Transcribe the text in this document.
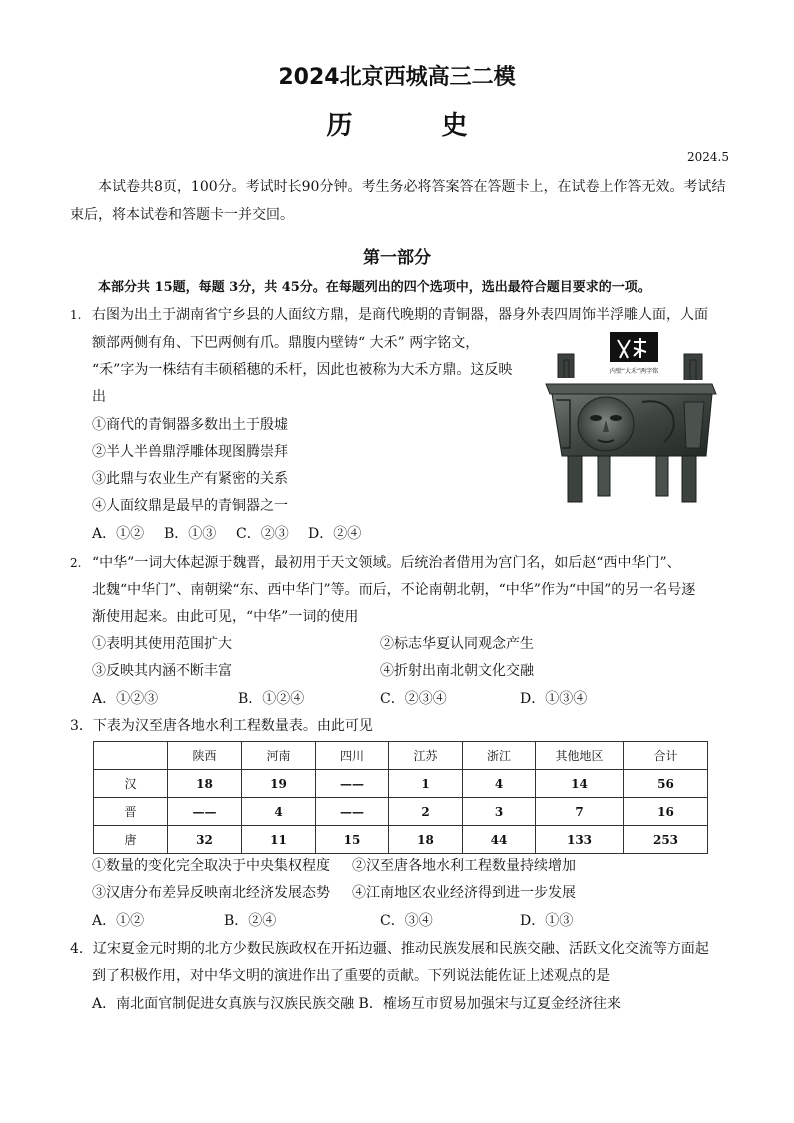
2024北京西城高三二模
历 史
2024.5
本试卷共8页，100分。考试时长90分钟。考生务必将答案答在答题卡上，在试卷上作答无效。考试结
束后，将本试卷和答题卡一并交回。
第一部分
本部分共 15题，每题 3分，共 45分。在每题列出的四个选项中，选出最符合题目要求的一项。
1. 右图为出土于湖南省宁乡县的人面纹方鼎，是商代晚期的青铜器，器身外表四周饰半浮雕人面，人面
额部两侧有角、下巴两侧有爪。鼎腹内壁铸“ 大禾” 两字铭文，
“禾”字为一株结有丰硕稻穗的禾杆，因此也被称为大禾方鼎。这反映
出
①商代的青铜器多数出土于殷墟
②半人半兽鼎浮雕体现图腾崇拜
③此鼎与农业生产有紧密的关系
④人面纹鼎是最早的青铜器之一
A．①② B．①③ C．②③ D．②④
内壁“大禾”两字铭
2. “中华”一词大体起源于魏晋，最初用于天文领域。后统治者借用为宫门名，如后赵“西中华门”、
北魏“中华门”、南朝梁“东、西中华门”等。而后，不论南朝北朝，“中华”作为“中国”的另一名号逐
渐使用起来。由此可见，“中华”一词的使用
①表明其使用范围扩大	②标志华夏认同观念产生
③反映其内涵不断丰富	④折射出南北朝文化交融
A．①②③	B．①②④	C．②③④	D．①③④
3．下表为汉至唐各地水利工程数量表。由此可见
	陕西	河南	四川	江苏	浙江	其他地区	合计
汉	18	19	——	1	4	14	56
晋	——	4	——	2	3	7	16
唐	32	11	15	18	44	133	253
①数量的变化完全取决于中央集权程度 ②汉至唐各地水利工程数量持续增加
③汉唐分布差异反映南北经济发展态势 ④江南地区农业经济得到进一步发展
A．①②	B．②④	C．③④	D．①③
4．辽宋夏金元时期的北方少数民族政权在开拓边疆、推动民族发展和民族交融、活跃文化交流等方面起
到了积极作用，对中华文明的演进作出了重要的贡献。下列说法能佐证上述观点的是
A．南北面官制促进女真族与汉族民族交融 B．榷场互市贸易加强宋与辽夏金经济往来
